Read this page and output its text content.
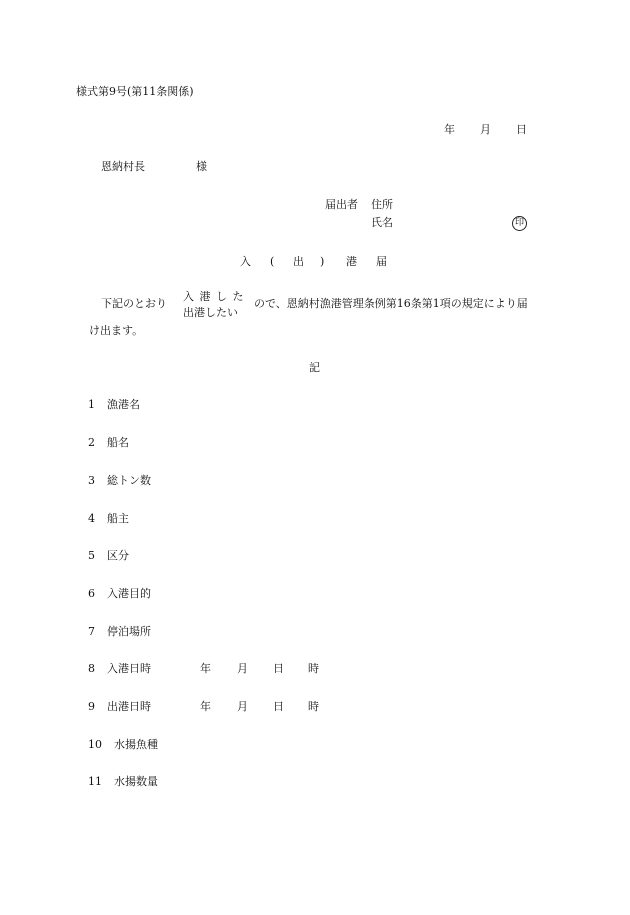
様式第9号(第11条関係)
年 月 日
恩納村長	様
届出者 住所
氏名	印
入 ( 出 ) 港 届
下記のとおり
入 港 し た
出港したい
ので、恩納村漁港管理条例第16条第1項の規定により届
け出ます。
記
1 漁港名
2 船名
3 総トン数
4 船主
5 区分
6 入港目的
7 停泊場所
8 入港日時	年 月 日 時
9 出港日時	年 月 日 時
10 水揚魚種
11 水揚数量
